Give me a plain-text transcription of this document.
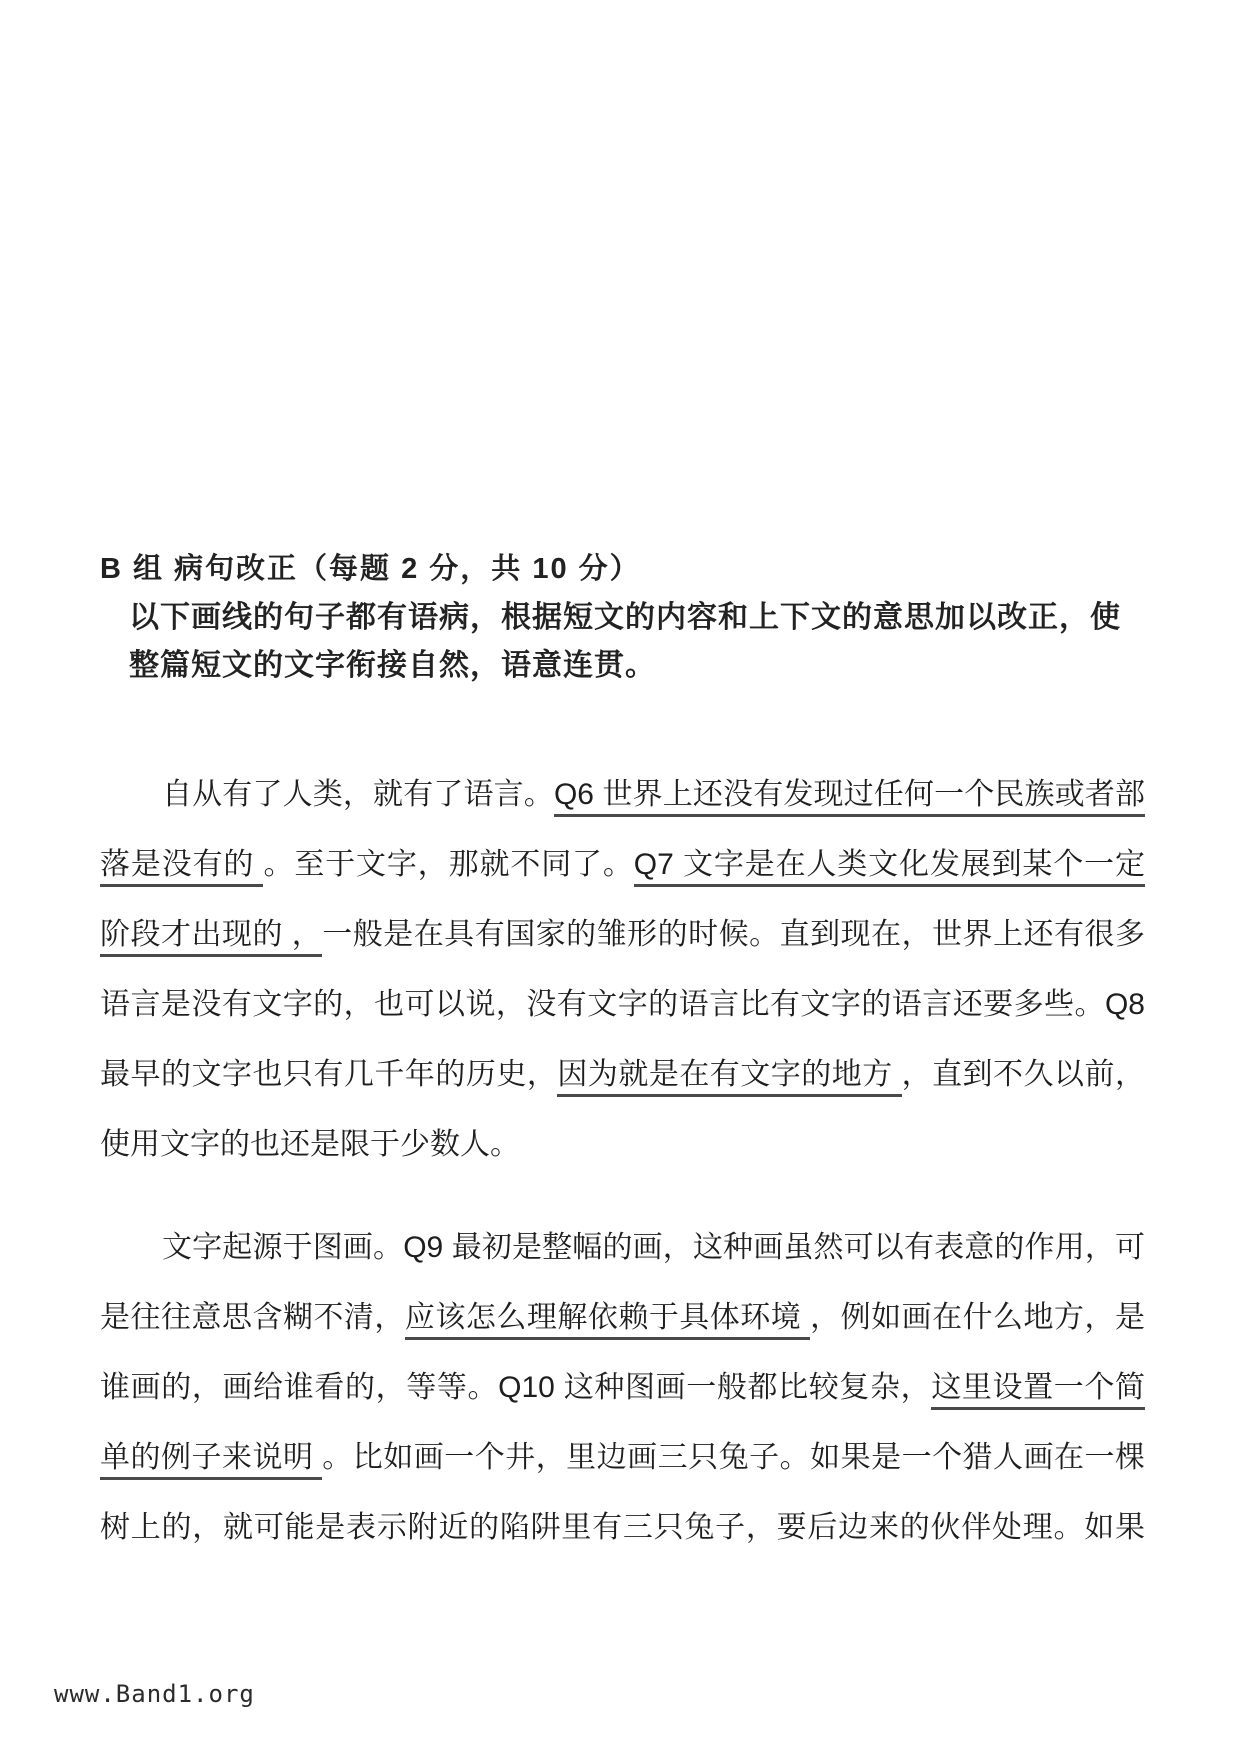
B 组 病句改正（每题 2 分，共 10 分）
以下画线的句子都有语病，根据短文的内容和上下文的意思加以改正，使
整篇短文的文字衔接自然，语意连贯。
自从有了人类，就有了语言。Q6 世界上还没有发现过任何一个民族或者部
落是没有的 。至于文字，那就不同了。Q7 文字是在人类文化发展到某个一定
阶段才出现的 ，一般是在具有国家的雏形的时候。直到现在，世界上还有很多
语言是没有文字的，也可以说，没有文字的语言比有文字的语言还要多些。Q8
最早的文字也只有几千年的历史，因为就是在有文字的地方 ，直到不久以前，
使用文字的也还是限于少数人。
文字起源于图画。Q9 最初是整幅的画，这种画虽然可以有表意的作用，可
是往往意思含糊不清，应该怎么理解依赖于具体环境 ，例如画在什么地方，是
谁画的，画给谁看的，等等。Q10 这种图画一般都比较复杂，这里设置一个简
单的例子来说明 。比如画一个井，里边画三只兔子。如果是一个猎人画在一棵
树上的，就可能是表示附近的陷阱里有三只兔子，要后边来的伙伴处理。如果
www.Band1.org
